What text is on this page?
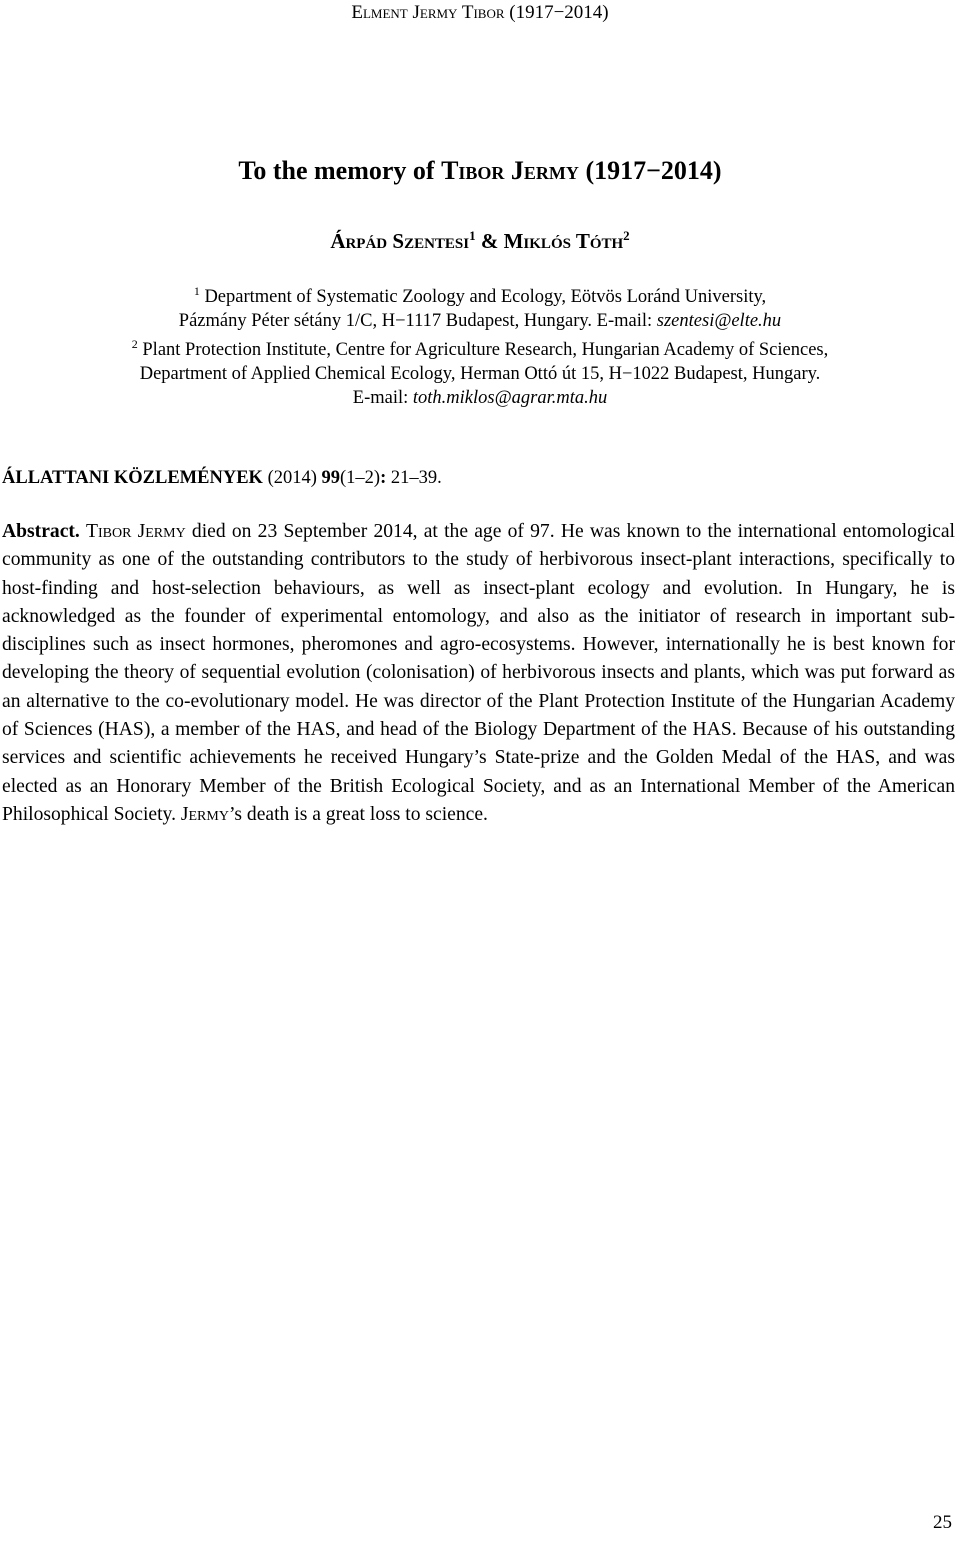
Elment Jermy Tibor (1917−2014)
To the memory of Tibor Jermy (1917−2014)
Árpád Szentesi$^1$ & Miklós Tóth$^2$
$^1$ Department of Systematic Zoology and Ecology, Eötvös Loránd University,
Pázmány Péter sétány 1/C, H−1117 Budapest, Hungary. E-mail: szentesi@elte.hu
$^2$ Plant Protection Institute, Centre for Agriculture Research, Hungarian Academy of Sciences,
Department of Applied Chemical Ecology, Herman Ottó út 15, H−1022 Budapest, Hungary.
E-mail: toth.miklos@agrar.mta.hu
ÁLLATTANI KÖZLEMÉNYEK (2014) 99(1–2): 21–39.
Abstract. Tibor Jermy died on 23 September 2014, at the age of 97. He was known to the international entomological community as one of the outstanding contributors to the study of herbivorous insect-plant interactions, specifically to host-finding and host-selection behaviours, as well as insect-plant ecology and evolution. In Hungary, he is acknowledged as the founder of experimental entomology, and also as the initiator of research in important sub-disciplines such as insect hormones, pheromones and agro-ecosystems. However, internationally he is best known for developing the theory of sequential evolution (colonisation) of herbivorous insects and plants, which was put forward as an alternative to the co-evolutionary model. He was director of the Plant Protection Institute of the Hungarian Academy of Sciences (HAS), a member of the HAS, and head of the Biology Department of the HAS. Because of his outstanding services and scientific achievements he received Hungary’s State-prize and the Golden Medal of the HAS, and was elected as an Honorary Member of the British Ecological Society, and as an International Member of the American Philosophical Society. Jermy’s death is a great loss to science.
25
